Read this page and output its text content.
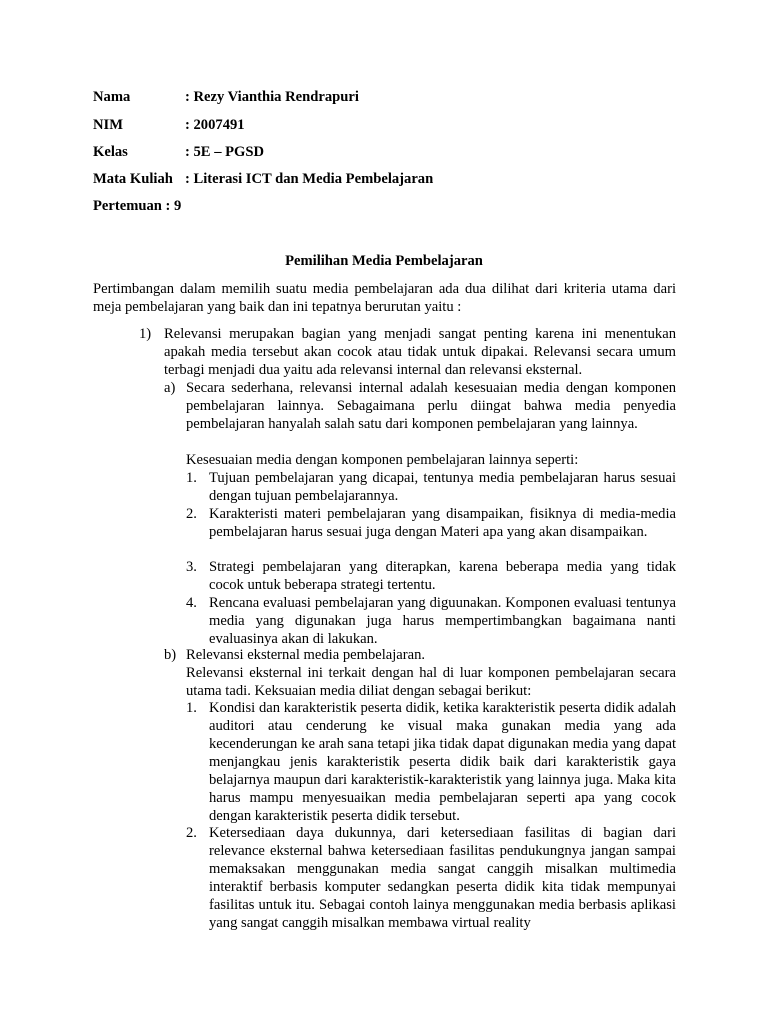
Nama	: Rezy Vianthia Rendrapuri
NIM	: 2007491
Kelas	: 5E – PGSD
Mata Kuliah : Literasi ICT dan Media Pembelajaran
Pertemuan : 9
Pemilihan Media Pembelajaran
Pertimbangan dalam memilih suatu media pembelajaran ada dua dilihat dari kriteria utama dari meja pembelajaran yang baik dan ini tepatnya berurutan yaitu :
1) Relevansi merupakan bagian yang menjadi sangat penting karena ini menentukan apakah media tersebut akan cocok atau tidak untuk dipakai. Relevansi secara umum terbagi menjadi dua yaitu ada relevansi internal dan relevansi eksternal.
a) Secara sederhana, relevansi internal adalah kesesuaian media dengan komponen pembelajaran lainnya. Sebagaimana perlu diingat bahwa media penyedia pembelajaran hanyalah salah satu dari komponen pembelajaran yang lainnya.
Kesesuaian media dengan komponen pembelajaran lainnya seperti:
1. Tujuan pembelajaran yang dicapai, tentunya media pembelajaran harus sesuai dengan tujuan pembelajarannya.
2. Karakteristi materi pembelajaran yang disampaikan, fisiknya di media-media pembelajaran harus sesuai juga dengan Materi apa yang akan disampaikan.
3. Strategi pembelajaran yang diterapkan, karena beberapa media yang tidak cocok untuk beberapa strategi tertentu.
4. Rencana evaluasi pembelajaran yang diguunakan. Komponen evaluasi tentunya media yang digunakan juga harus mempertimbangkan bagaimana nanti evaluasinya akan di lakukan.
b) Relevansi eksternal media pembelajaran.
Relevansi eksternal ini terkait dengan hal di luar komponen pembelajaran secara utama tadi. Keksuaian media diliat dengan sebagai berikut:
1. Kondisi dan karakteristik peserta didik, ketika karakteristik peserta didik adalah auditori atau cenderung ke visual maka gunakan media yang ada kecenderungan ke arah sana tetapi jika tidak dapat digunakan media yang dapat menjangkau jenis karakteristik peserta didik baik dari karakteristik gaya belajarnya maupun dari karakteristik-karakteristik yang lainnya juga. Maka kita harus mampu menyesuaikan media pembelajaran seperti apa yang cocok dengan karakteristik peserta didik tersebut.
2. Ketersediaan daya dukunnya, dari ketersediaan fasilitas di bagian dari relevance eksternal bahwa ketersediaan fasilitas pendukungnya jangan sampai memaksakan menggunakan media sangat canggih misalkan multimedia interaktif berbasis komputer sedangkan peserta didik kita tidak mempunyai fasilitas untuk itu. Sebagai contoh lainya menggunakan media berbasis aplikasi yang sangat canggih misalkan membawa virtual reality
